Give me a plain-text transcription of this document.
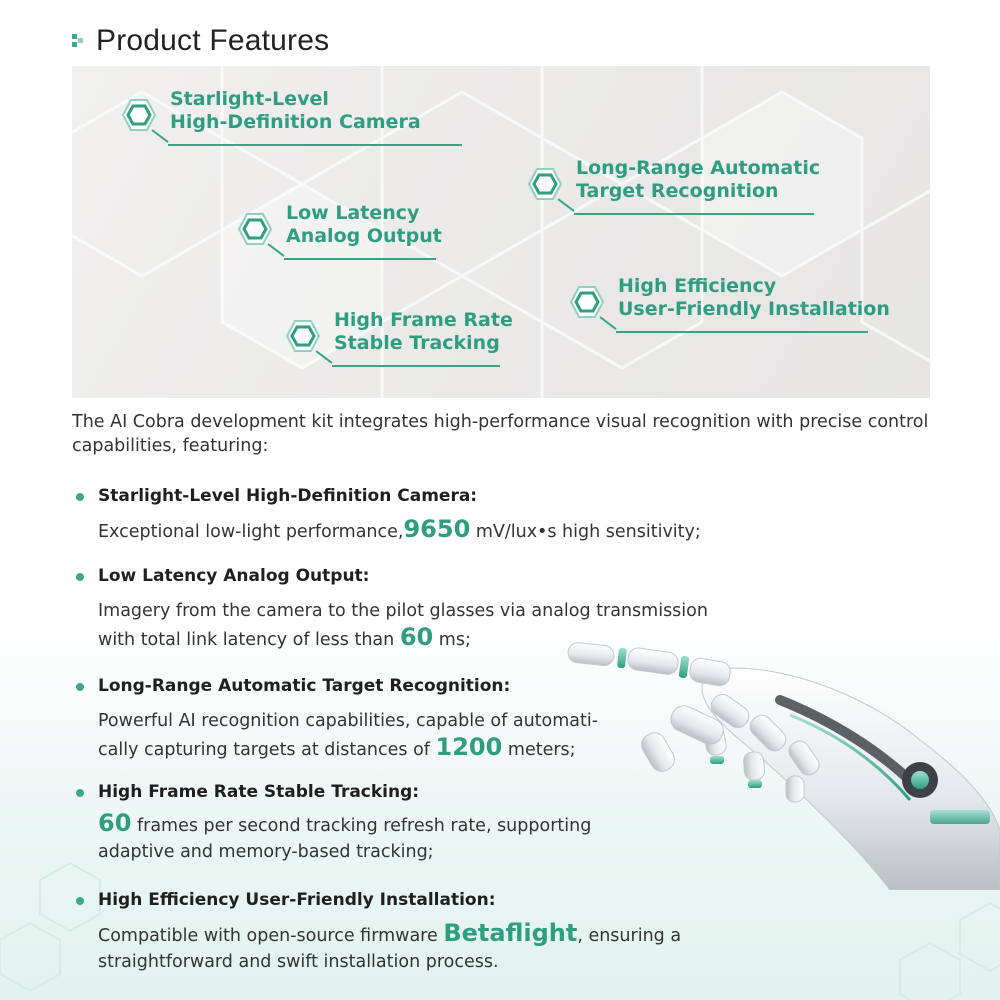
Product Features
Starlight-Level
High-Definition Camera
Long-Range Automatic
Target Recognition
Low Latency
Analog Output
High Efficiency
User-Friendly Installation
High Frame Rate
Stable Tracking

The AI Cobra development kit integrates high-performance visual recognition with precise control capabilities, featuring:

Starlight-Level High-Definition Camera:
Exceptional low-light performance,9650 mV/lux•s high sensitivity;
Low Latency Analog Output:
Imagery from the camera to the pilot glasses via analog transmission with total link latency of less than 60 ms;
Long-Range Automatic Target Recognition:
Powerful AI recognition capabilities, capable of automati-cally capturing targets at distances of 1200 meters;
High Frame Rate Stable Tracking:
60 frames per second tracking refresh rate, supporting adaptive and memory-based tracking;
High Efficiency User-Friendly Installation:
Compatible with open-source firmware Betaflight, ensuring a straightforward and swift installation process.
